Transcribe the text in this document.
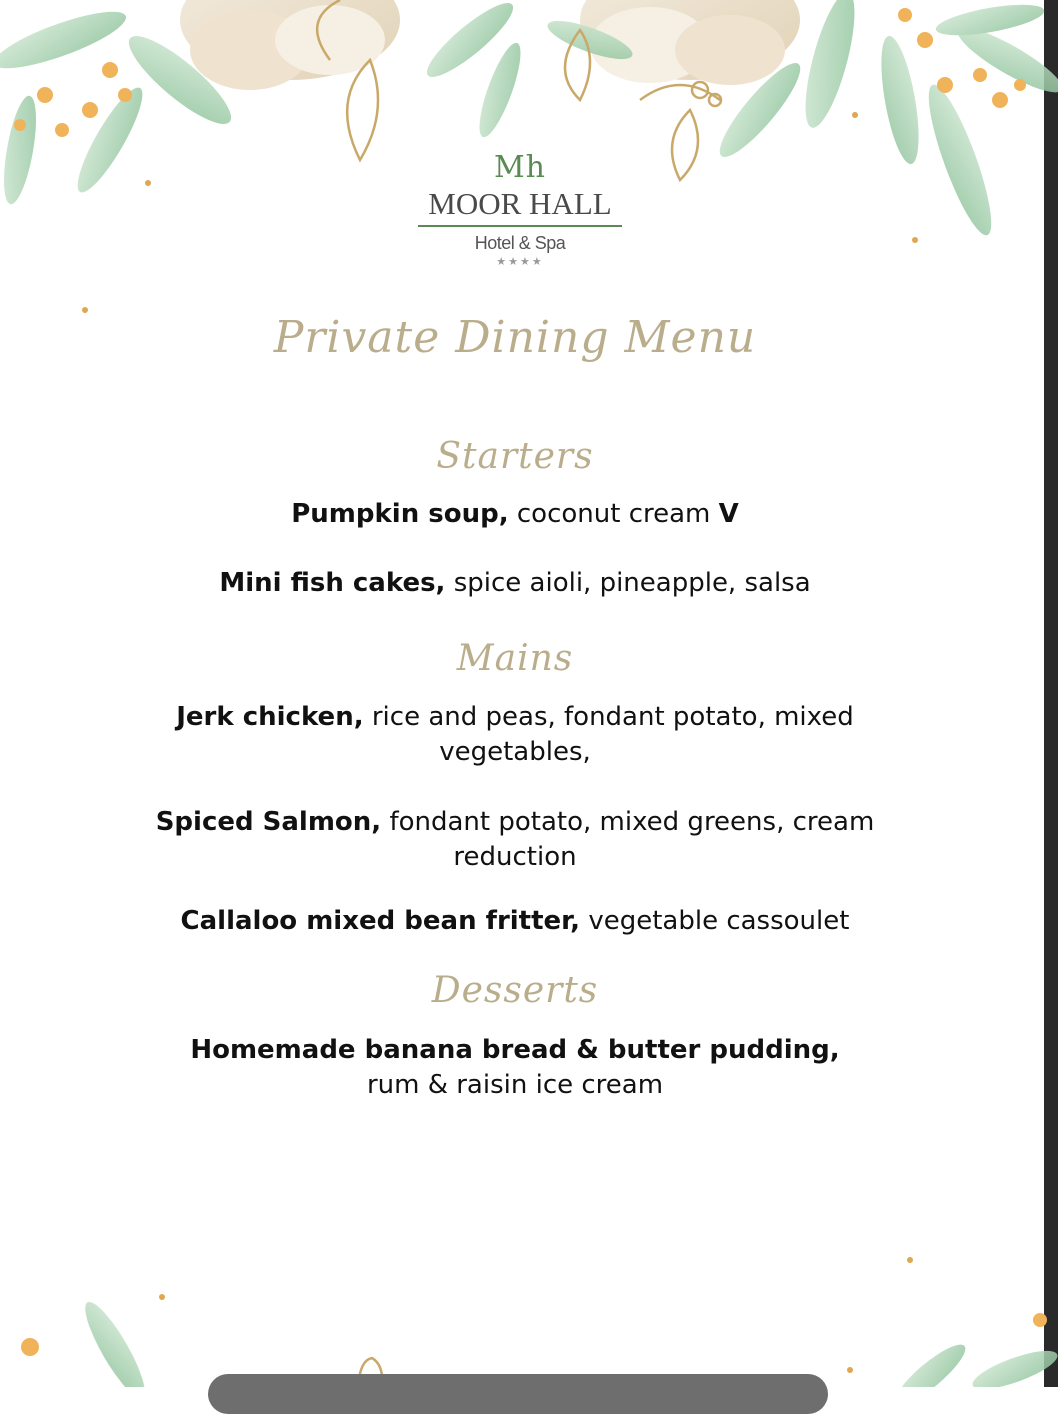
Mh
MOOR HALL
Hotel & Spa
★★★★
Private Dining Menu
Starters
Pumpkin soup, coconut cream V
Mini fish cakes, spice aioli, pineapple, salsa
Mains
Jerk chicken, rice and peas, fondant potato, mixed vegetables,
Spiced Salmon, fondant potato, mixed greens, cream reduction
Callaloo mixed bean fritter, vegetable cassoulet
Desserts
Homemade banana bread & butter pudding,
rum & raisin ice cream
